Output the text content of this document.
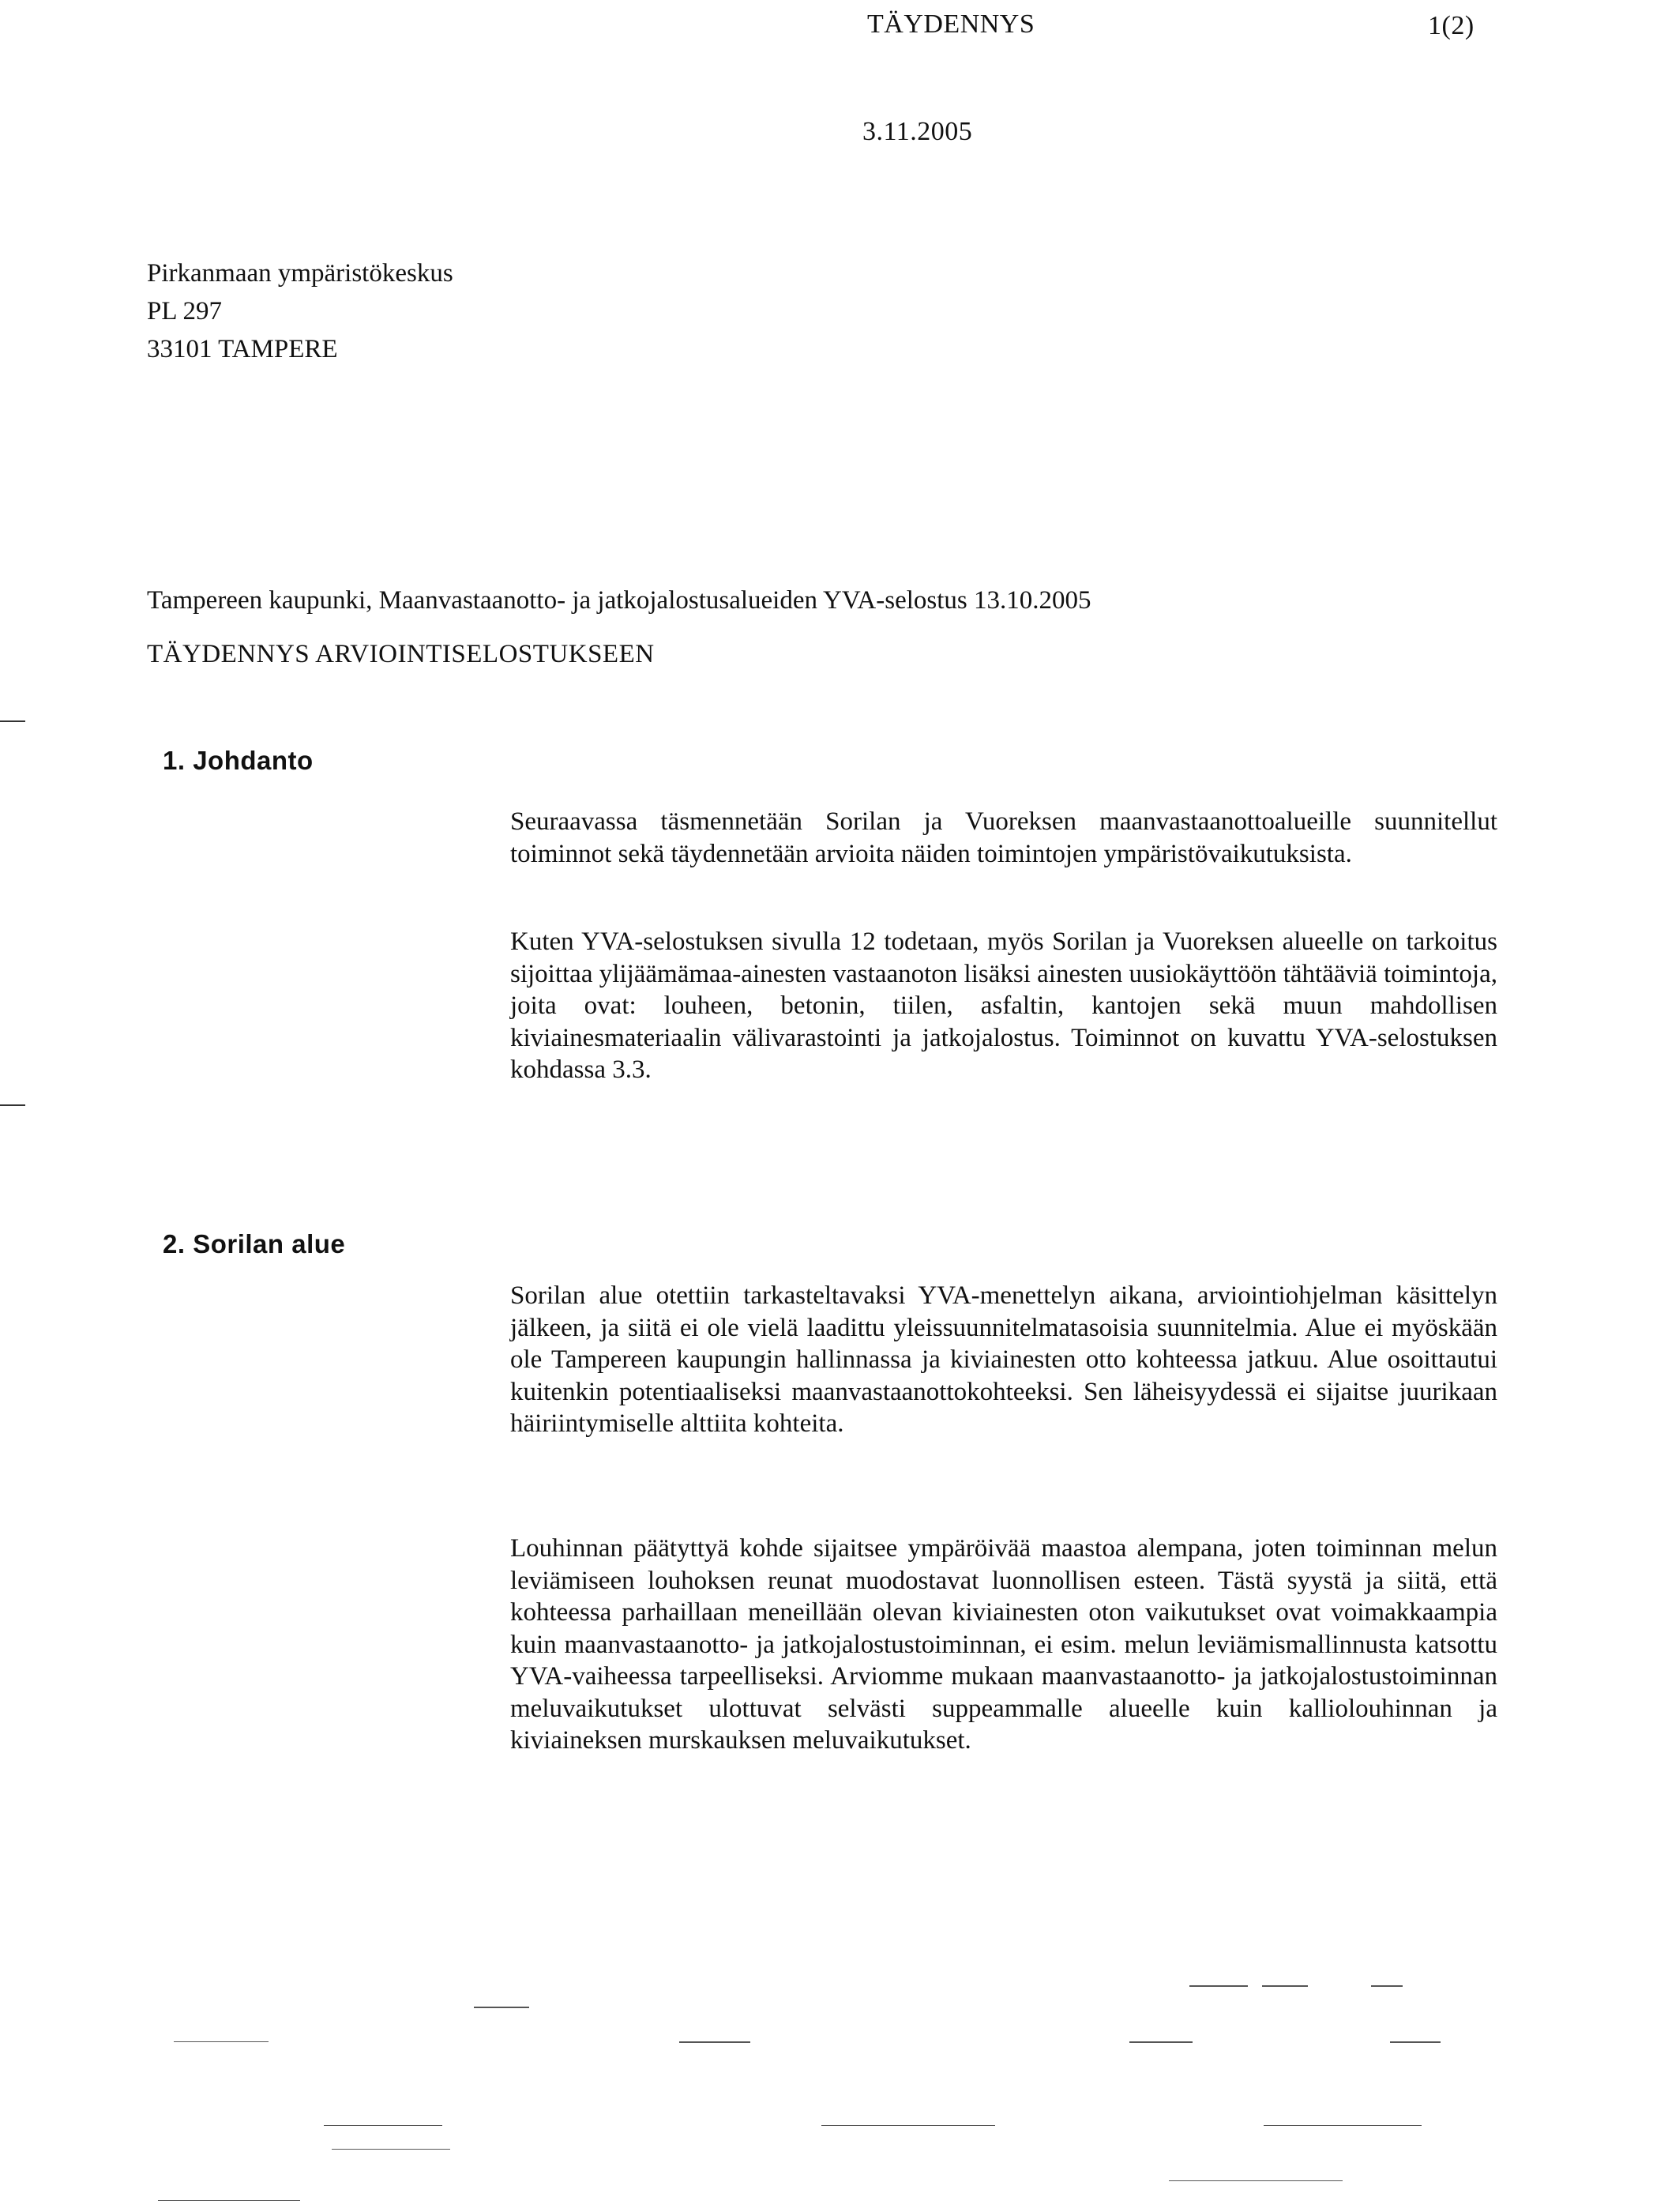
TÄYDENNYS	1(2)
3.11.2005
Pirkanmaan ympäristökeskus
PL 297
33101 TAMPERE
Tampereen kaupunki, Maanvastaanotto- ja jatkojalostusalueiden YVA-selostus 13.10.2005
TÄYDENNYS ARVIOINTISELOSTUKSEEN
1. Johdanto

Seuraavassa täsmennetään Sorilan ja Vuoreksen maanvastaanottoalueille suunnitellut toiminnot sekä täydennetään arvioita näiden toimintojen ympäristövaikutuksista.

Kuten YVA-selostuksen sivulla 12 todetaan, myös Sorilan ja Vuoreksen alueelle on tarkoitus sijoittaa ylijäämämaa-ainesten vastaanoton lisäksi ainesten uusiokäyttöön tähtääviä toimintoja, joita ovat: louheen, betonin, tiilen, asfaltin, kantojen sekä muun mahdollisen kiviainesmateriaalin välivarastointi ja jatkojalostus. Toiminnot on kuvattu YVA-selostuksen kohdassa 3.3.

2. Sorilan alue

Sorilan alue otettiin tarkasteltavaksi YVA-menettelyn aikana, arviointiohjelman käsittelyn jälkeen, ja siitä ei ole vielä laadittu yleissuunnitelmatasoisia suunnitelmia. Alue ei myöskään ole Tampereen kaupungin hallinnassa ja kiviainesten otto kohteessa jatkuu. Alue osoittautui kuitenkin potentiaaliseksi maanvastaanottokohteeksi. Sen läheisyydessä ei sijaitse juurikaan häiriintymiselle alttiita kohteita.

Louhinnan päätyttyä kohde sijaitsee ympäröivää maastoa alempana, joten toiminnan melun leviämiseen louhoksen reunat muodostavat luonnollisen esteen. Tästä syystä ja siitä, että kohteessa parhaillaan meneillään olevan kiviainesten oton vaikutukset ovat voimakkaampia kuin maanvastaanotto- ja jatkojalostustoiminnan, ei esim. melun leviämismallinnusta katsottu YVA-vaiheessa tarpeelliseksi. Arviomme mukaan maanvastaanotto- ja jatkojalostustoiminnan meluvaikutukset ulottuvat selvästi suppeammalle alueelle kuin kalliolouhinnan ja kiviaineksen murskauksen meluvaikutukset.
